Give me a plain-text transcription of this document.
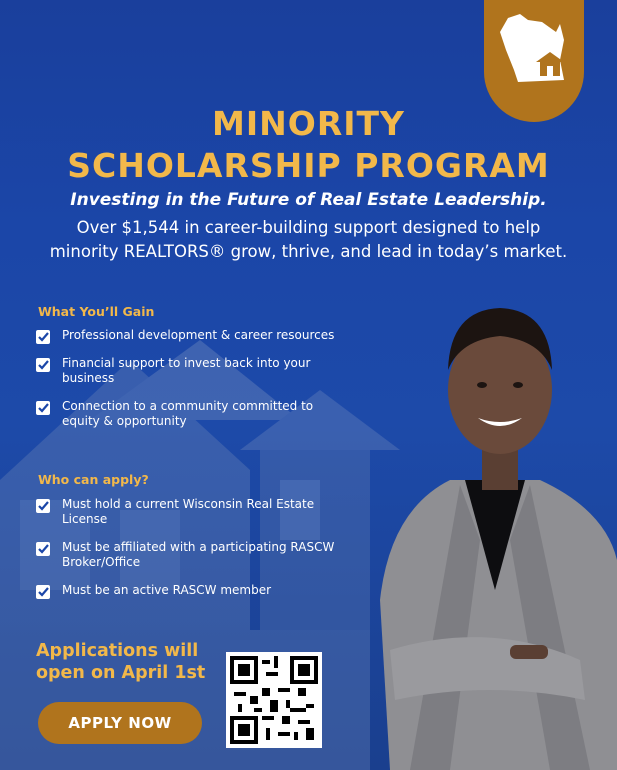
MINORITY
SCHOLARSHIP PROGRAM
Investing in the Future of Real Estate Leadership.
Over $1,544 in career-building support designed to help
minority REALTORS® grow, thrive, and lead in today’s market.
What You’ll Gain
Professional development & career resources
Financial support to invest back into your business
Connection to a community committed to equity & opportunity
Who can apply?
Must hold a current Wisconsin Real Estate License
Must be affiliated with a participating RASCW Broker/Office
Must be an active RASCW member
Applications will
open on April 1st
APPLY NOW
